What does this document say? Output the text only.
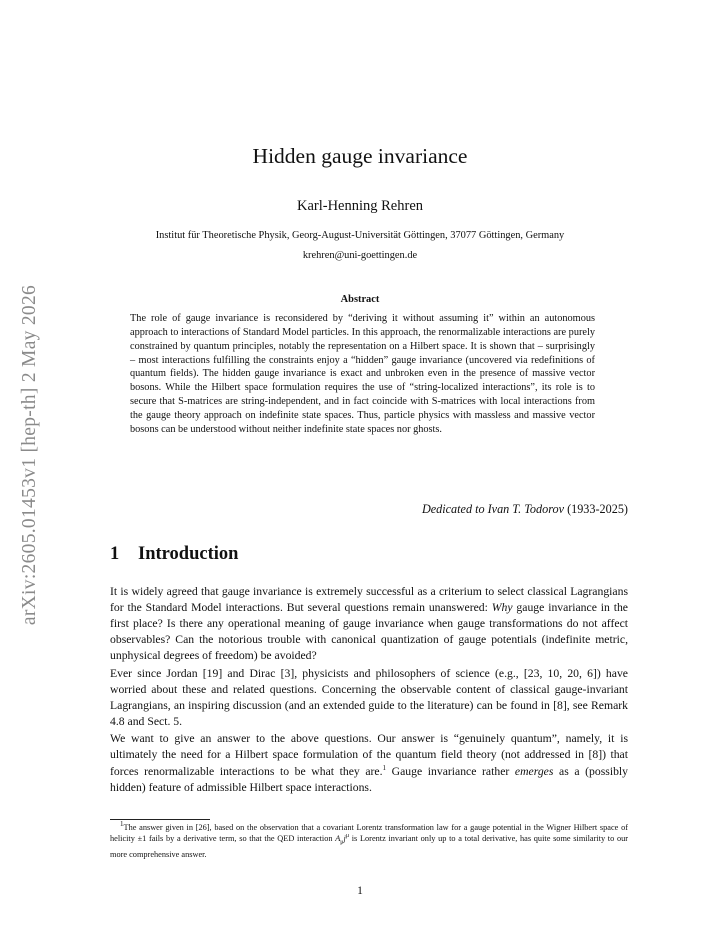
arXiv:2605.01453v1 [hep-th] 2 May 2026
Hidden gauge invariance
Karl-Henning Rehren
Institut für Theoretische Physik, Georg-August-Universität Göttingen, 37077 Göttingen, Germany
krehren@uni-goettingen.de
Abstract
The role of gauge invariance is reconsidered by “deriving it without assuming it” within an autonomous approach to interactions of Standard Model particles. In this approach, the renormalizable interactions are purely constrained by quantum principles, notably the representation on a Hilbert space. It is shown that – surprisingly – most interactions fulfilling the constraints enjoy a “hidden” gauge invariance (uncovered via redefinitions of quantum fields). The hidden gauge invariance is exact and unbroken even in the presence of massive vector bosons. While the Hilbert space formulation requires the use of “string-localized interactions”, its role is to secure that S-matrices are string-independent, and in fact coincide with S-matrices with local interactions from the gauge theory approach on indefinite state spaces. Thus, particle physics with massless and massive vector bosons can be understood without neither indefinite state spaces nor ghosts.
Dedicated to Ivan T. Todorov (1933-2025)
1 Introduction

It is widely agreed that gauge invariance is extremely successful as a criterium to select classical Lagrangians for the Standard Model interactions. But several questions remain unanswered: Why gauge invariance in the first place? Is there any operational meaning of gauge invariance when gauge transformations do not affect observables? Can the notorious trouble with canonical quantization of gauge potentials (indefinite metric, unphysical degrees of freedom) be avoided?

Ever since Jordan [19] and Dirac [3], physicists and philosophers of science (e.g., [23, 10, 20, 6]) have worried about these and related questions. Concerning the observable content of classical gauge-invariant Lagrangians, an inspiring discussion (and an extended guide to the literature) can be found in [8], see Remark 4.8 and Sect. 5.

We want to give an answer to the above questions. Our answer is “genuinely quantum”, namely, it is ultimately the need for a Hilbert space formulation of the quantum field theory (not addressed in [8]) that forces renormalizable interactions to be what they are.$^1$ Gauge invariance rather emerges as a (possibly hidden) feature of admissible Hilbert space interactions.

$^1$The answer given in [26], based on the observation that a covariant Lorentz transformation law for a gauge potential in the Wigner Hilbert space of helicity ±1 fails by a derivative term, so that the QED interaction $A_\mu j^\mu$ is Lorentz invariant only up to a total derivative, has quite some similarity to our more comprehensive answer.
1
